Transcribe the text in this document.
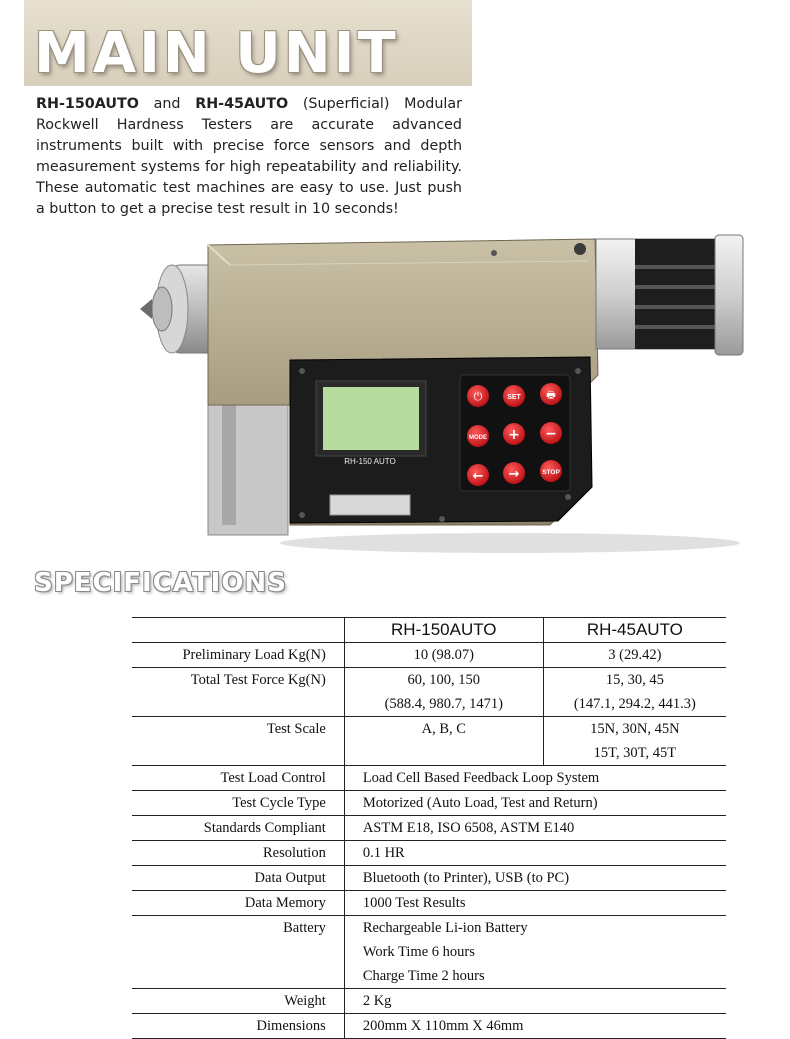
MAIN UNIT

RH-150AUTO and RH-45AUTO (Superficial) Modular Rockwell Hardness Testers are accurate advanced instruments built with precise force sensors and depth measurement systems for high repeatability and reliability. These automatic test machines are easy to use. Just push a button to get a precise test result in 10 seconds!

RH-150 AUTO
⏻	SET	🖶
MODE + −
← →	STOP
SPECIFICATIONS
	RH-150AUTO	RH-45AUTO
Preliminary Load Kg(N)	10 (98.07)	3 (29.42)
Total Test Force Kg(N)	60, 100, 150	15, 30, 45
	(588.4, 980.7, 1471)	(147.1, 294.2, 441.3)
Test Scale	A, B, C	15N, 30N, 45N
		15T, 30T, 45T
Test Load Control	Load Cell Based Feedback Loop System	
Test Cycle Type	Motorized (Auto Load, Test and Return)	
Standards Compliant	ASTM E18, ISO 6508, ASTM E140	
Resolution	0.1 HR	
Data Output	Bluetooth (to Printer), USB (to PC)	
Data Memory	1000 Test Results	
Battery	Rechargeable Li-ion Battery	
	Work Time 6 hours	
	Charge Time 2 hours	
Weight	2 Kg	
Dimensions	200mm X 110mm X 46mm	
